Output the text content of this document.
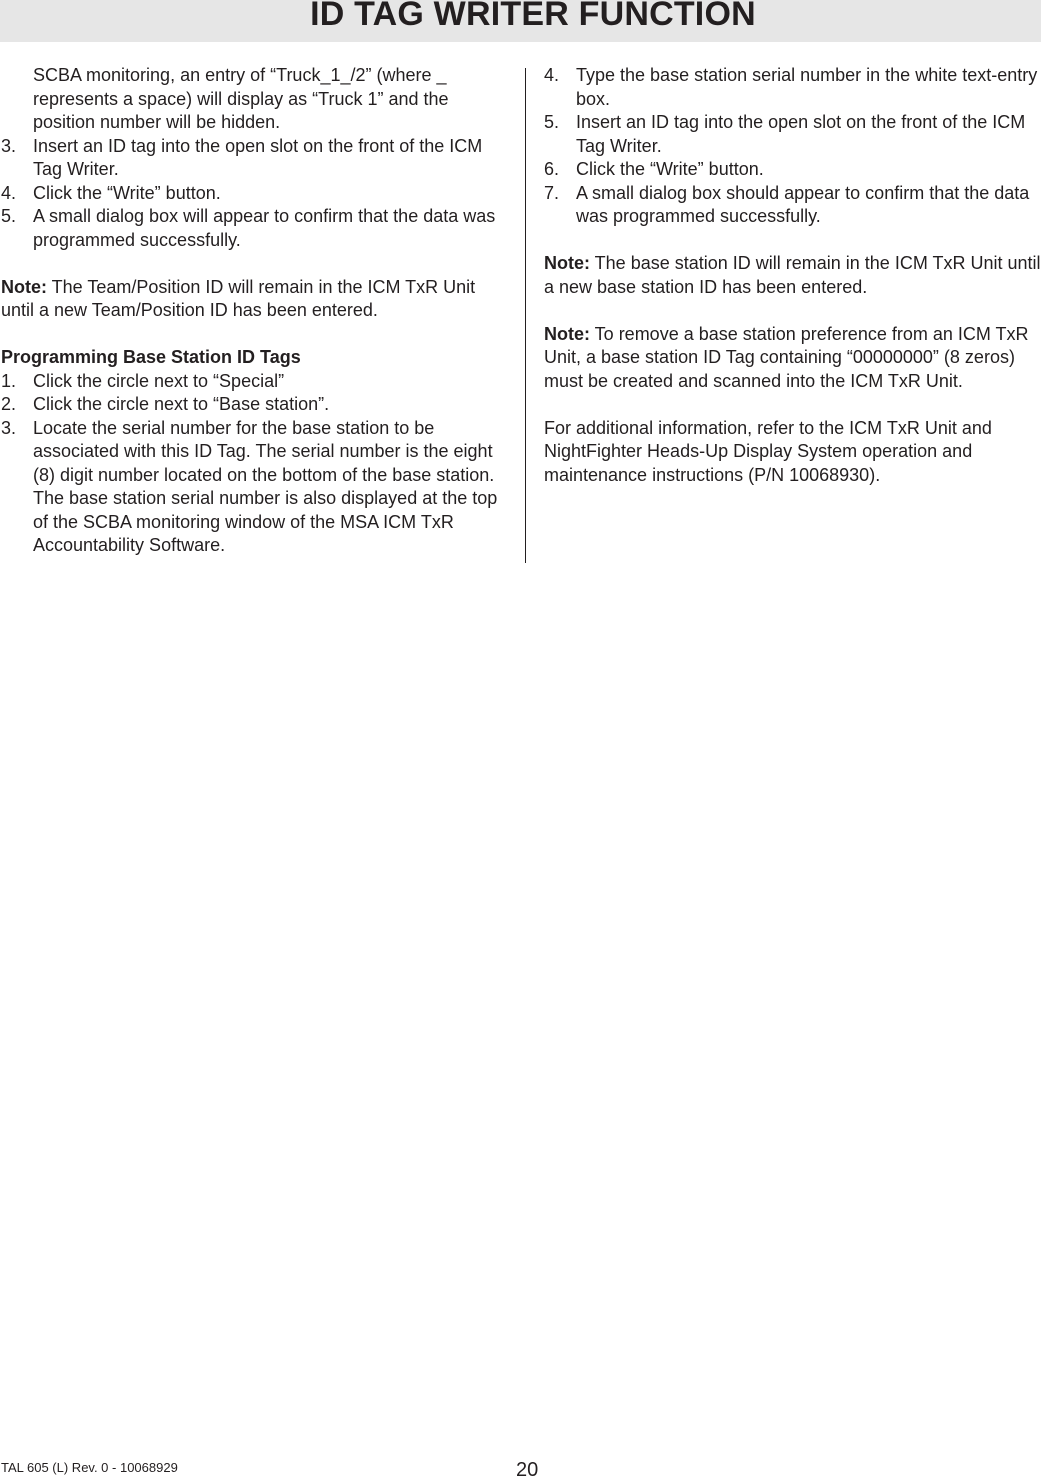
ID TAG WRITER FUNCTION
SCBA monitoring, an entry of “Truck_1_/2” (where _ represents a space) will display as “Truck 1” and the position number will be hidden.
3. Insert an ID tag into the open slot on the front of the ICM Tag Writer.
4. Click the “Write” button.
5. A small dialog box will appear to confirm that the data was programmed successfully.
Note: The Team/Position ID will remain in the ICM TxR Unit until a new Team/Position ID has been entered.
Programming Base Station ID Tags
1. Click the circle next to “Special”
2. Click the circle next to “Base station”.
3. Locate the serial number for the base station to be associated with this ID Tag. The serial number is the eight (8) digit number located on the bottom of the base station. The base station serial number is also displayed at the top of the SCBA monitoring window of the MSA ICM TxR Accountability Software.
4. Type the base station serial number in the white text-entry box.
5. Insert an ID tag into the open slot on the front of the ICM Tag Writer.
6. Click the “Write” button.
7. A small dialog box should appear to confirm that the data was programmed successfully.
Note: The base station ID will remain in the ICM TxR Unit until a new base station ID has been entered.
Note: To remove a base station preference from an ICM TxR Unit, a base station ID Tag containing “00000000” (8 zeros) must be created and scanned into the ICM TxR Unit.
For additional information, refer to the ICM TxR Unit and NightFighter Heads-Up Display System operation and maintenance instructions (P/N 10068930).
TAL 605 (L) Rev. 0 - 10068929	20
